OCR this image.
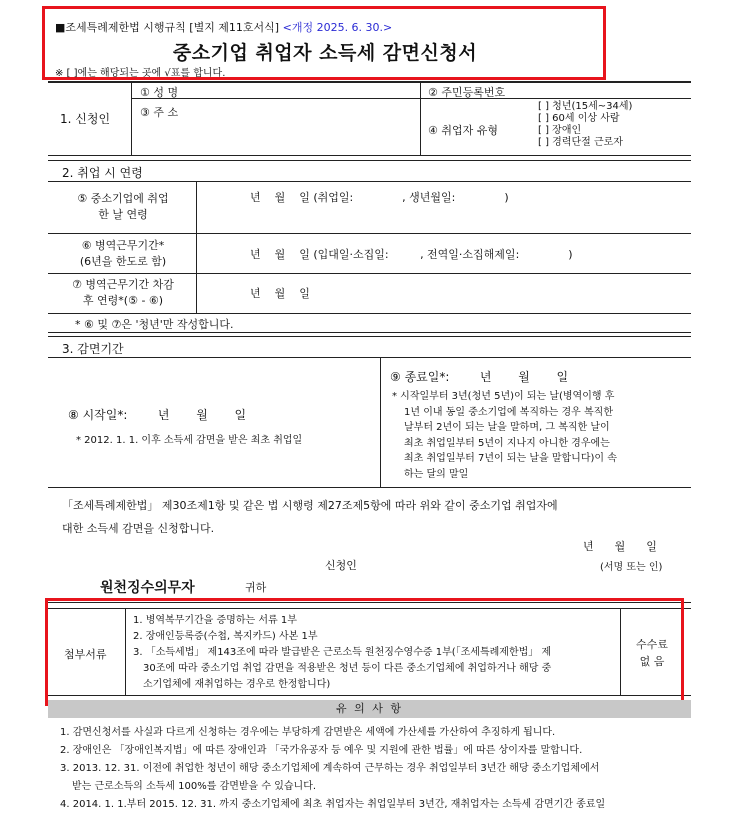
■조세특례제한법 시행규칙 [별지 제11호서식] <개정 2025. 6. 30.>
중소기업 취업자 소득세 감면신청서
※ [ ]에는 해당되는 곳에 √표를 합니다.
1. 신청인
① 성 명	② 주민등록번호
③ 주 소
④ 취업자 유형
[ ] 청년(15세~34세)
[ ] 60세 이상 사람
[ ] 장애인
[ ] 경력단절 근로자
2. 취업 시 연령
⑤ 중소기업에 취업
한 날 연령
년    월    일 (취업일:              , 생년월일:              )
⑥ 병역근무기간*
(6년을 한도로 함)
년    월    일 (입대일·소집일:         , 전역일·소집해제일:              )
⑦ 병역근무기간 차감
후 연령*(⑤ - ⑥)
년    월    일
* ⑥ 및 ⑦은 '청년'만 작성합니다.
3. 감면기간
⑧ 시작일*:        년       월       일
* 2012. 1. 1. 이후 소득세 감면을 받은 최초 취업일
⑨ 종료일*:        년       월       일
* 시작일부터 3년(청년 5년)이 되는 날(병역이행 후
1년 이내 동일 중소기업에 복직하는 경우 복직한
날부터 2년이 되는 날을 말하며, 그 복직한 날이
최초 취업일부터 5년이 지나지 아니한 경우에는
최초 취업일부터 7년이 되는 날을 말합니다)이 속
하는 달의 말일
「조세특례제한법」 제30조제1항 및 같은 법 시행령 제27조제5항에 따라 위와 같이 중소기업 취업자에
대한 소득세 감면을 신청합니다.
년      월      일
신청인	(서명 또는 인)
원천징수의무자	귀하
첨부서류
1. 병역복무기간을 증명하는 서류 1부
2. 장애인등록증(수첩, 복지카드) 사본 1부
3. 「소득세법」 제143조에 따라 발급받은 근로소득 원천징수영수증 1부(「조세특례제한법」 제
30조에 따라 중소기업 취업 감면을 적용받은 청년 등이 다른 중소기업체에 취업하거나 해당 중
소기업체에 재취업하는 경우로 한정합니다)
수수료
없 음
유 의 사 항
1. 감면신청서를 사실과 다르게 신청하는 경우에는 부당하게 감면받은 세액에 가산세를 가산하여 추징하게 됩니다.
2. 장애인은 「장애인복지법」에 따른 장애인과 「국가유공자 등 예우 및 지원에 관한 법률」에 따른 상이자를 말합니다.
3. 2013. 12. 31. 이전에 취업한 청년이 해당 중소기업체에 계속하여 근무하는 경우 취업일부터 3년간 해당 중소기업체에서
받는 근로소득의 소득세 100%를 감면받을 수 있습니다.
4. 2014. 1. 1.부터 2015. 12. 31. 까지 중소기업체에 최초 취업자는 취업일부터 3년간, 재취업자는 소득세 감면기간 종료일
